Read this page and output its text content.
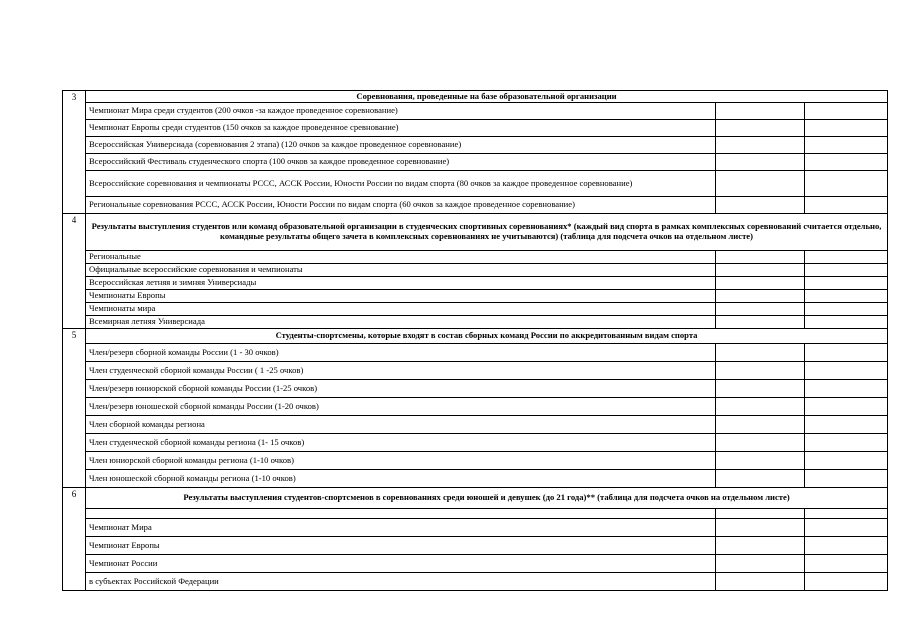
3	Соревнования, проведенные на базе образовательной организации		
	Чемпионат Мира среди студентов (200 очков -за каждое проведенное соревнование)		
	Чемпионат Европы среди студентов (150 очков за каждое проведенное сревнование)		
	Всероссийская Универсиада (соревнования 2 этапа) (120 очков за каждое проведенное соревнование)		
	Всероссийский Фестиваль студенческого спорта (100 очков за каждое проведенное соревнование)		
	Всероссийские соревнования и чемпионаты РССС, АССК России, Юности России по видам спорта (80 очков за каждое проведенное соревнование)		
	Региональные соревнования РССС, АССК России, Юности России по видам спорта (60 очков за каждое проведенное соревнование)		
4	Результаты выступления студентов или команд образовательной организации в студенческих спортивных соревнованиях* (каждый вид спорта в рамках комплексных соревнований считается отдельно, командные результаты общего зачета в комплексных соревнованиях не учитываются) (таблица для подсчета очков на отдельном листе)		
	Региональные		
	Официальные всероссийские соревнования и чемпионаты		
	Всероссийская летняя и зимняя Универсиады		
	Чемпионаты Европы		
	Чемпионаты мира		
	Всемирная летняя Универсиада		
5	Студенты-спортсмены, которые входят в состав сборных команд России по аккредитованным видам спорта		
	Член/резерв сборной команды России (1 - 30 очков)		
	Член студенческой сборной команды России ( 1 -25 очков)		
	Член/резерв юниорской сборной команды России (1-25 очков)		
	Член/резерв юношеской сборной команды России (1-20 очков)		
	Член сборной команды региона		
	Член студенческой сборной команды региона (1- 15 очков)		
	Член юниорской сборной команды региона (1-10 очков)		
	Член юношеской сборной команды региона (1-10 очков)		
6	Результаты выступления студентов-спортсменов в соревнованиях среди юношей и девушек (до 21 года)** (таблица для подсчета очков на отдельном листе)		

	Чемпионат Мира		
	Чемпионат Европы		
	Чемпионат России		
	в субъектах Российской Федерации		
